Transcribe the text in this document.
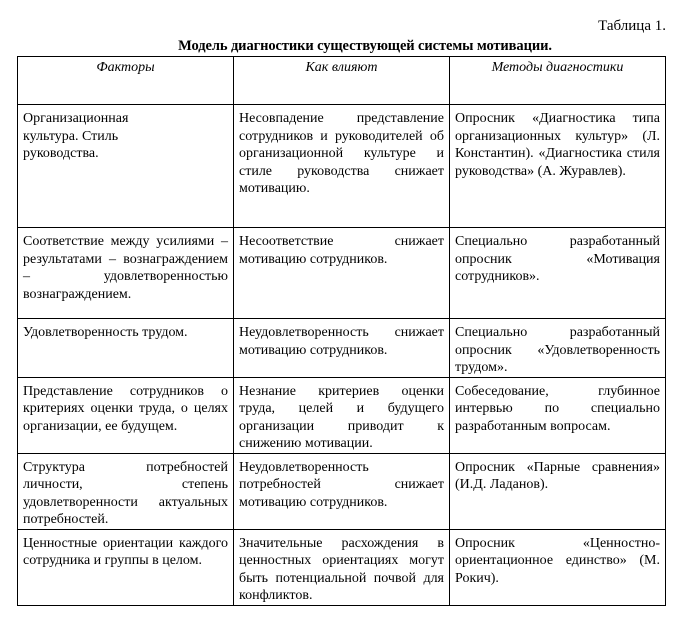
Таблица 1.
Модель диагностики существующей системы мотивации.
Факторы	Как влияют	Методы диагностики

Организационная культура. Стиль руководства.	Несовпадение представление сотрудников и руководителей об организационной культуре и стиле руководства снижает мотивацию.	Опросник «Диагностика типа организационных культур» (Л. Константин). «Диагностика стиля руководства» (А. Журавлев).

Соответствие между усилиями – результатами – вознаграждением – удовлетворенностью вознаграждением.	Несоответствие снижает мотивацию сотрудников.	Специально разработанный опросник «Мотивация сотрудников».

Удовлетворенность трудом.	Неудовлетворенность снижает мотивацию сотрудников.	Специально разработанный опросник «Удовлетворенность трудом».

Представление сотрудников о критериях оценки труда, о целях организации, ее будущем.	Незнание критериев оценки труда, целей и будущего организации приводит к снижению мотивации.	Собеседование, глубинное интервью по специально разработанным вопросам.

Структура потребностей личности, степень удовлетворенности актуальных потребностей.	Неудовлетворенность потребностей снижает мотивацию сотрудников.	Опросник «Парные сравнения» (И.Д. Ладанов).

Ценностные ориентации каждого сотрудника и группы в целом.	Значительные расхождения в ценностных ориентациях могут быть потенциальной почвой для конфликтов.	Опросник «Ценностно-ориентационное единство» (М. Рокич).
